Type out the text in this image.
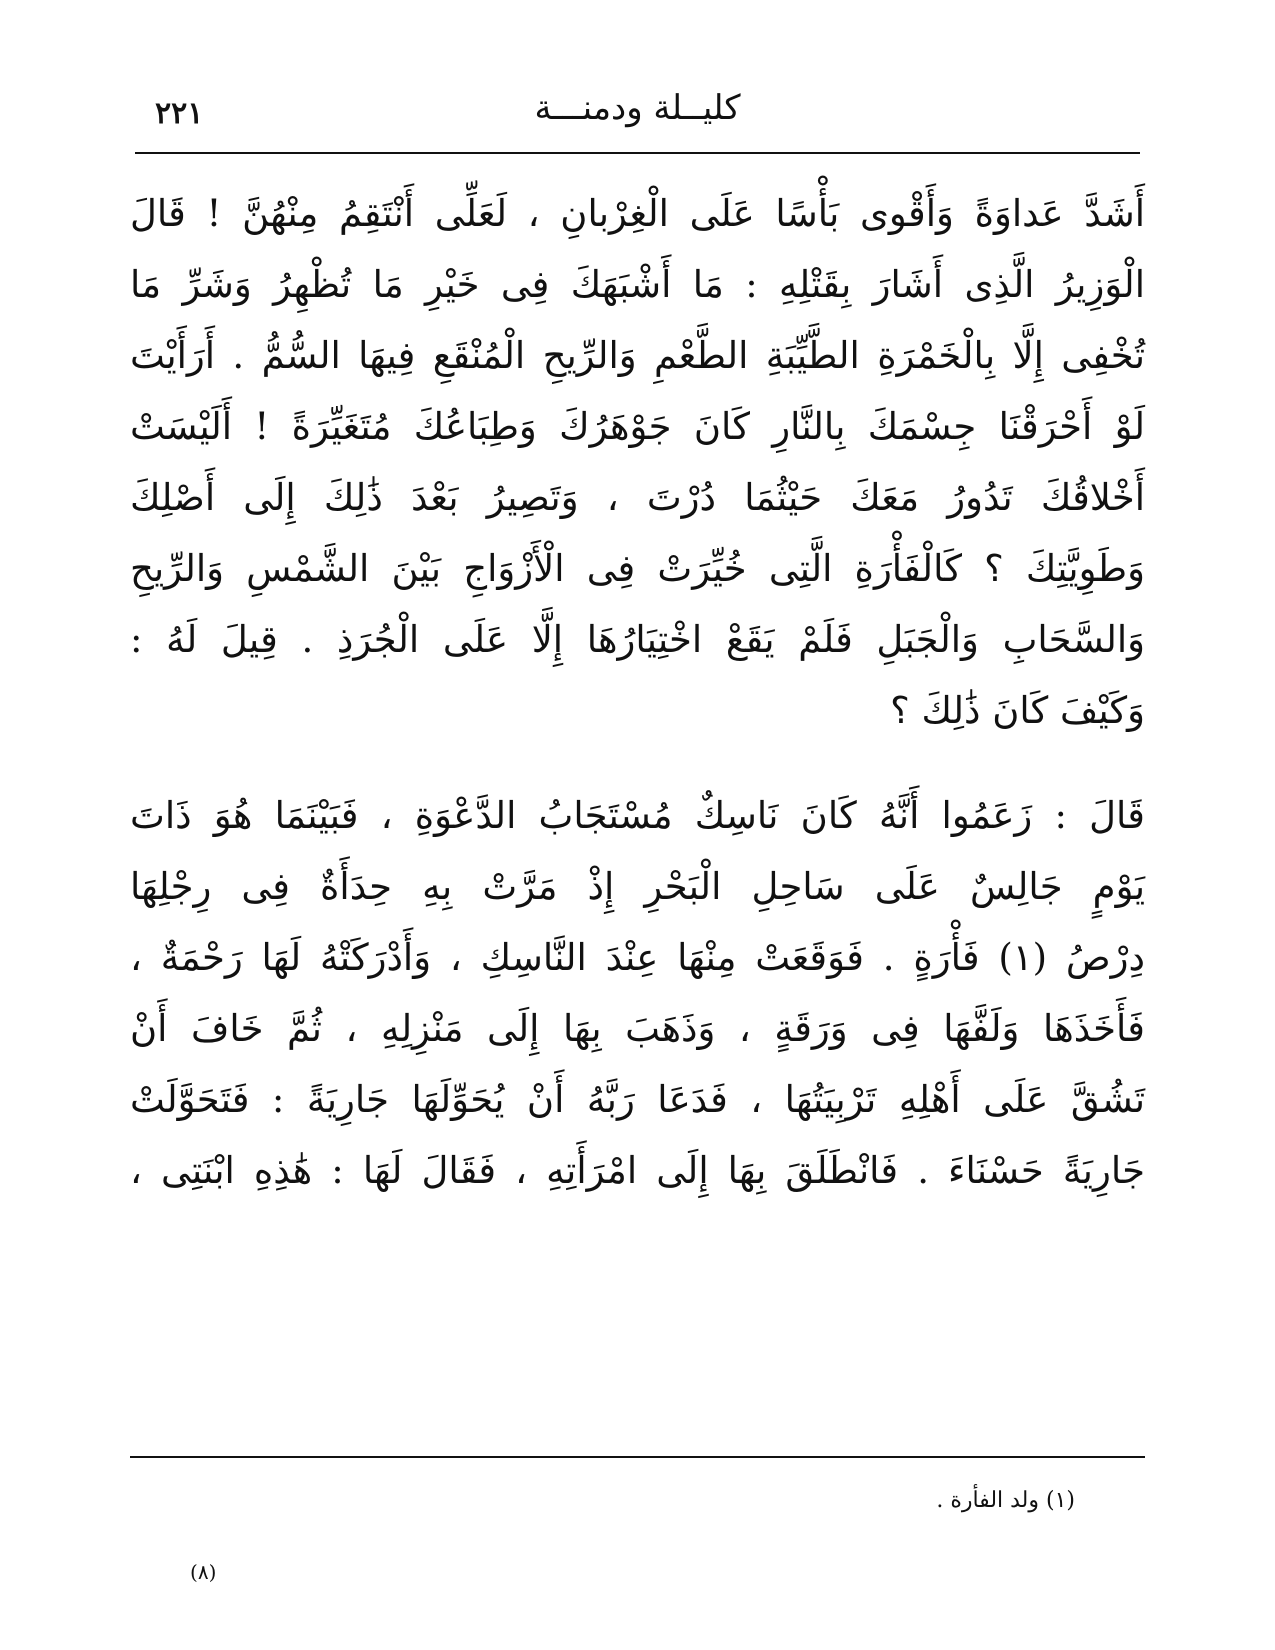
كليــلة ودمنـــة
٢٢١
أَشَدَّ عَداوَةً وَأَقْوى بَأْسًا عَلَى الْغِرْبانِ ، لَعَلِّى أَنْتَقِمُ مِنْهُنَّ ! قَالَ
الْوَزِيرُ الَّذِى أَشَارَ بِقَتْلِهِ : مَا أَشْبَهَكَ فِى خَيْرِ مَا تُظْهِرُ وَشَرِّ مَا
تُخْفِى إِلَّا بِالْخَمْرَةِ الطَّيِّبَةِ الطَّعْمِ وَالرِّيحِ الْمُنْقَعِ فِيهَا السُّمُّ . أَرَأَيْتَ
لَوْ أَحْرَقْنَا جِسْمَكَ بِالنَّارِ كَانَ جَوْهَرُكَ وَطِبَاعُكَ مُتَغَيِّرَةً ! أَلَيْسَتْ
أَخْلاقُكَ تَدُورُ مَعَكَ حَيْثُمَا دُرْتَ ، وَتَصِيرُ بَعْدَ ذَٰلِكَ إِلَى أَصْلِكَ
وَطَوِيَّتِكَ ؟ كَالْفَأْرَةِ الَّتِى خُيِّرَتْ فِى الْأَزْوَاجِ بَيْنَ الشَّمْسِ وَالرِّيحِ
وَالسَّحَابِ وَالْجَبَلِ فَلَمْ يَقَعْ اخْتِيَارُهَا إِلَّا عَلَى الْجُرَذِ . قِيلَ لَهُ :
وَكَيْفَ كَانَ ذَٰلِكَ ؟
قَالَ : زَعَمُوا أَنَّهُ كَانَ نَاسِكٌ مُسْتَجَابُ الدَّعْوَةِ ، فَبَيْنَمَا هُوَ ذَاتَ
يَوْمٍ جَالِسٌ عَلَى سَاحِلِ الْبَحْرِ إِذْ مَرَّتْ بِهِ حِدَأَةٌ فِى رِجْلِهَا
دِرْصُ (١) فَأْرَةٍ . فَوَقَعَتْ مِنْهَا عِنْدَ النَّاسِكِ ، وَأَدْرَكَتْهُ لَهَا رَحْمَةٌ ،
فَأَخَذَهَا وَلَفَّهَا فِى وَرَقَةٍ ، وَذَهَبَ بِهَا إِلَى مَنْزِلِهِ ، ثُمَّ خَافَ أَنْ
تَشُقَّ عَلَى أَهْلِهِ تَرْبِيَتُهَا ، فَدَعَا رَبَّهُ أَنْ يُحَوِّلَهَا جَارِيَةً : فَتَحَوَّلَتْ
جَارِيَةً حَسْنَاءَ . فَانْطَلَقَ بِهَا إِلَى امْرَأَتِهِ ، فَقَالَ لَهَا : هَٰذِهِ ابْنَتِى ،
(١) ولد الفأرة .
(٨)
